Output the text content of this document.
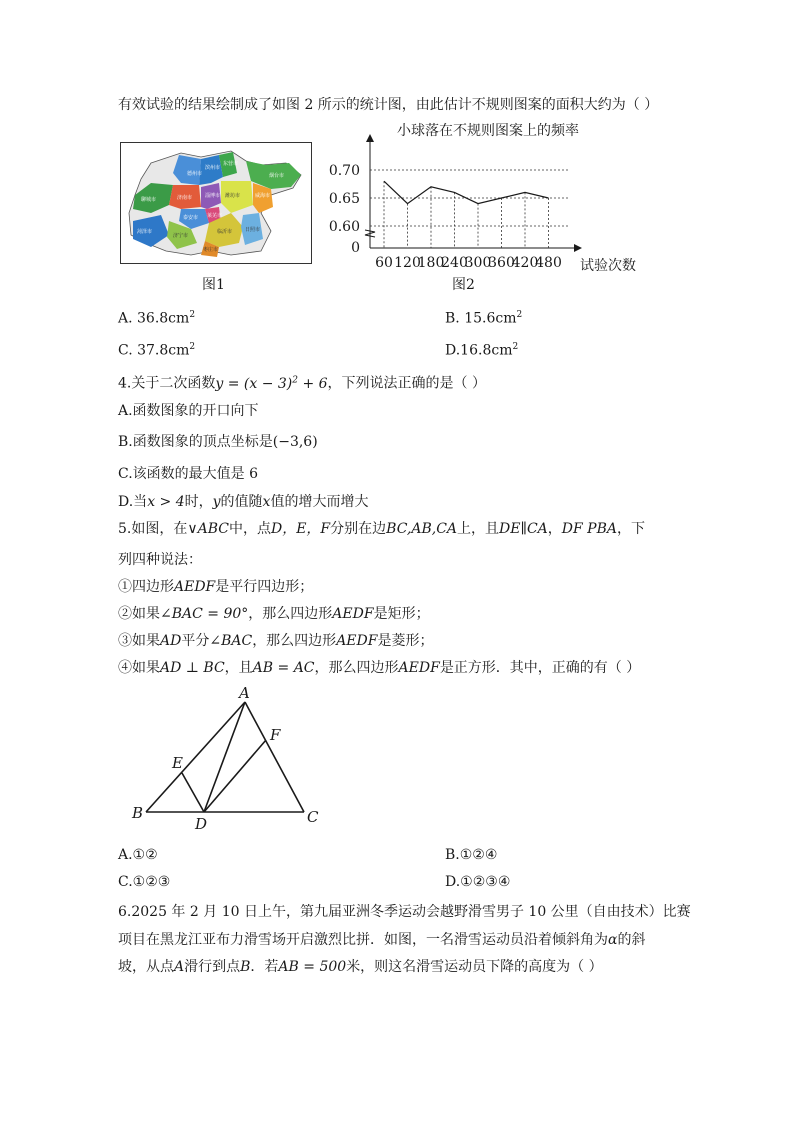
有效试验的结果绘制成了如图 2 所示的统计图，由此估计不规则图案的面积大约为（ ）
德州市
滨州市
东营市
烟台市
聊城市	济南市	淄博市 潍坊市	威海市
泰安市 莱芜市
日照市
菏泽市
济宁市
临沂市
枣庄市
图1
小球落在不规则图案上的频率
0.70
0.65
0.60
0
60 120
180
240
300
360
420
480 试验次数
图2
A. $36.8cm^2$	B. $15.6cm^2$
C. $37.8cm^2$	$D.16.8cm^2$
4.关于二次函数$y = (x - 3)^2 + 6$，下列说法正确的是（ ）
A.函数图象的开口向下
B.函数图象的顶点坐标是(−3,6)
C.该函数的最大值是 6
D.当x > 4时，y的值随x值的增大而增大
5.如图，在∨ABC中，点D，E，F分别在边BC,AB,CA上，且DE∥CA，DF PBA，下
列四种说法：
①四边形AEDF是平行四边形；
②如果∠BAC = 90°，那么四边形AEDF是矩形；
③如果AD平分∠BAC，那么四边形AEDF是菱形；
④如果AD ⊥ BC，且AB = AC，那么四边形AEDF是正方形．其中，正确的有（ ）
A
B	C
D
E
F
A.①②	B.①②④
C.①②③	D.①②③④
6.2025 年 2 月 10 日上午，第九届亚洲冬季运动会越野滑雪男子 10 公里（自由技术）比赛
项目在黑龙江亚布力滑雪场开启激烈比拼．如图，一名滑雪运动员沿着倾斜角为α的斜
坡，从点A滑行到点B．若AB = 500米，则这名滑雪运动员下降的高度为（ ）
